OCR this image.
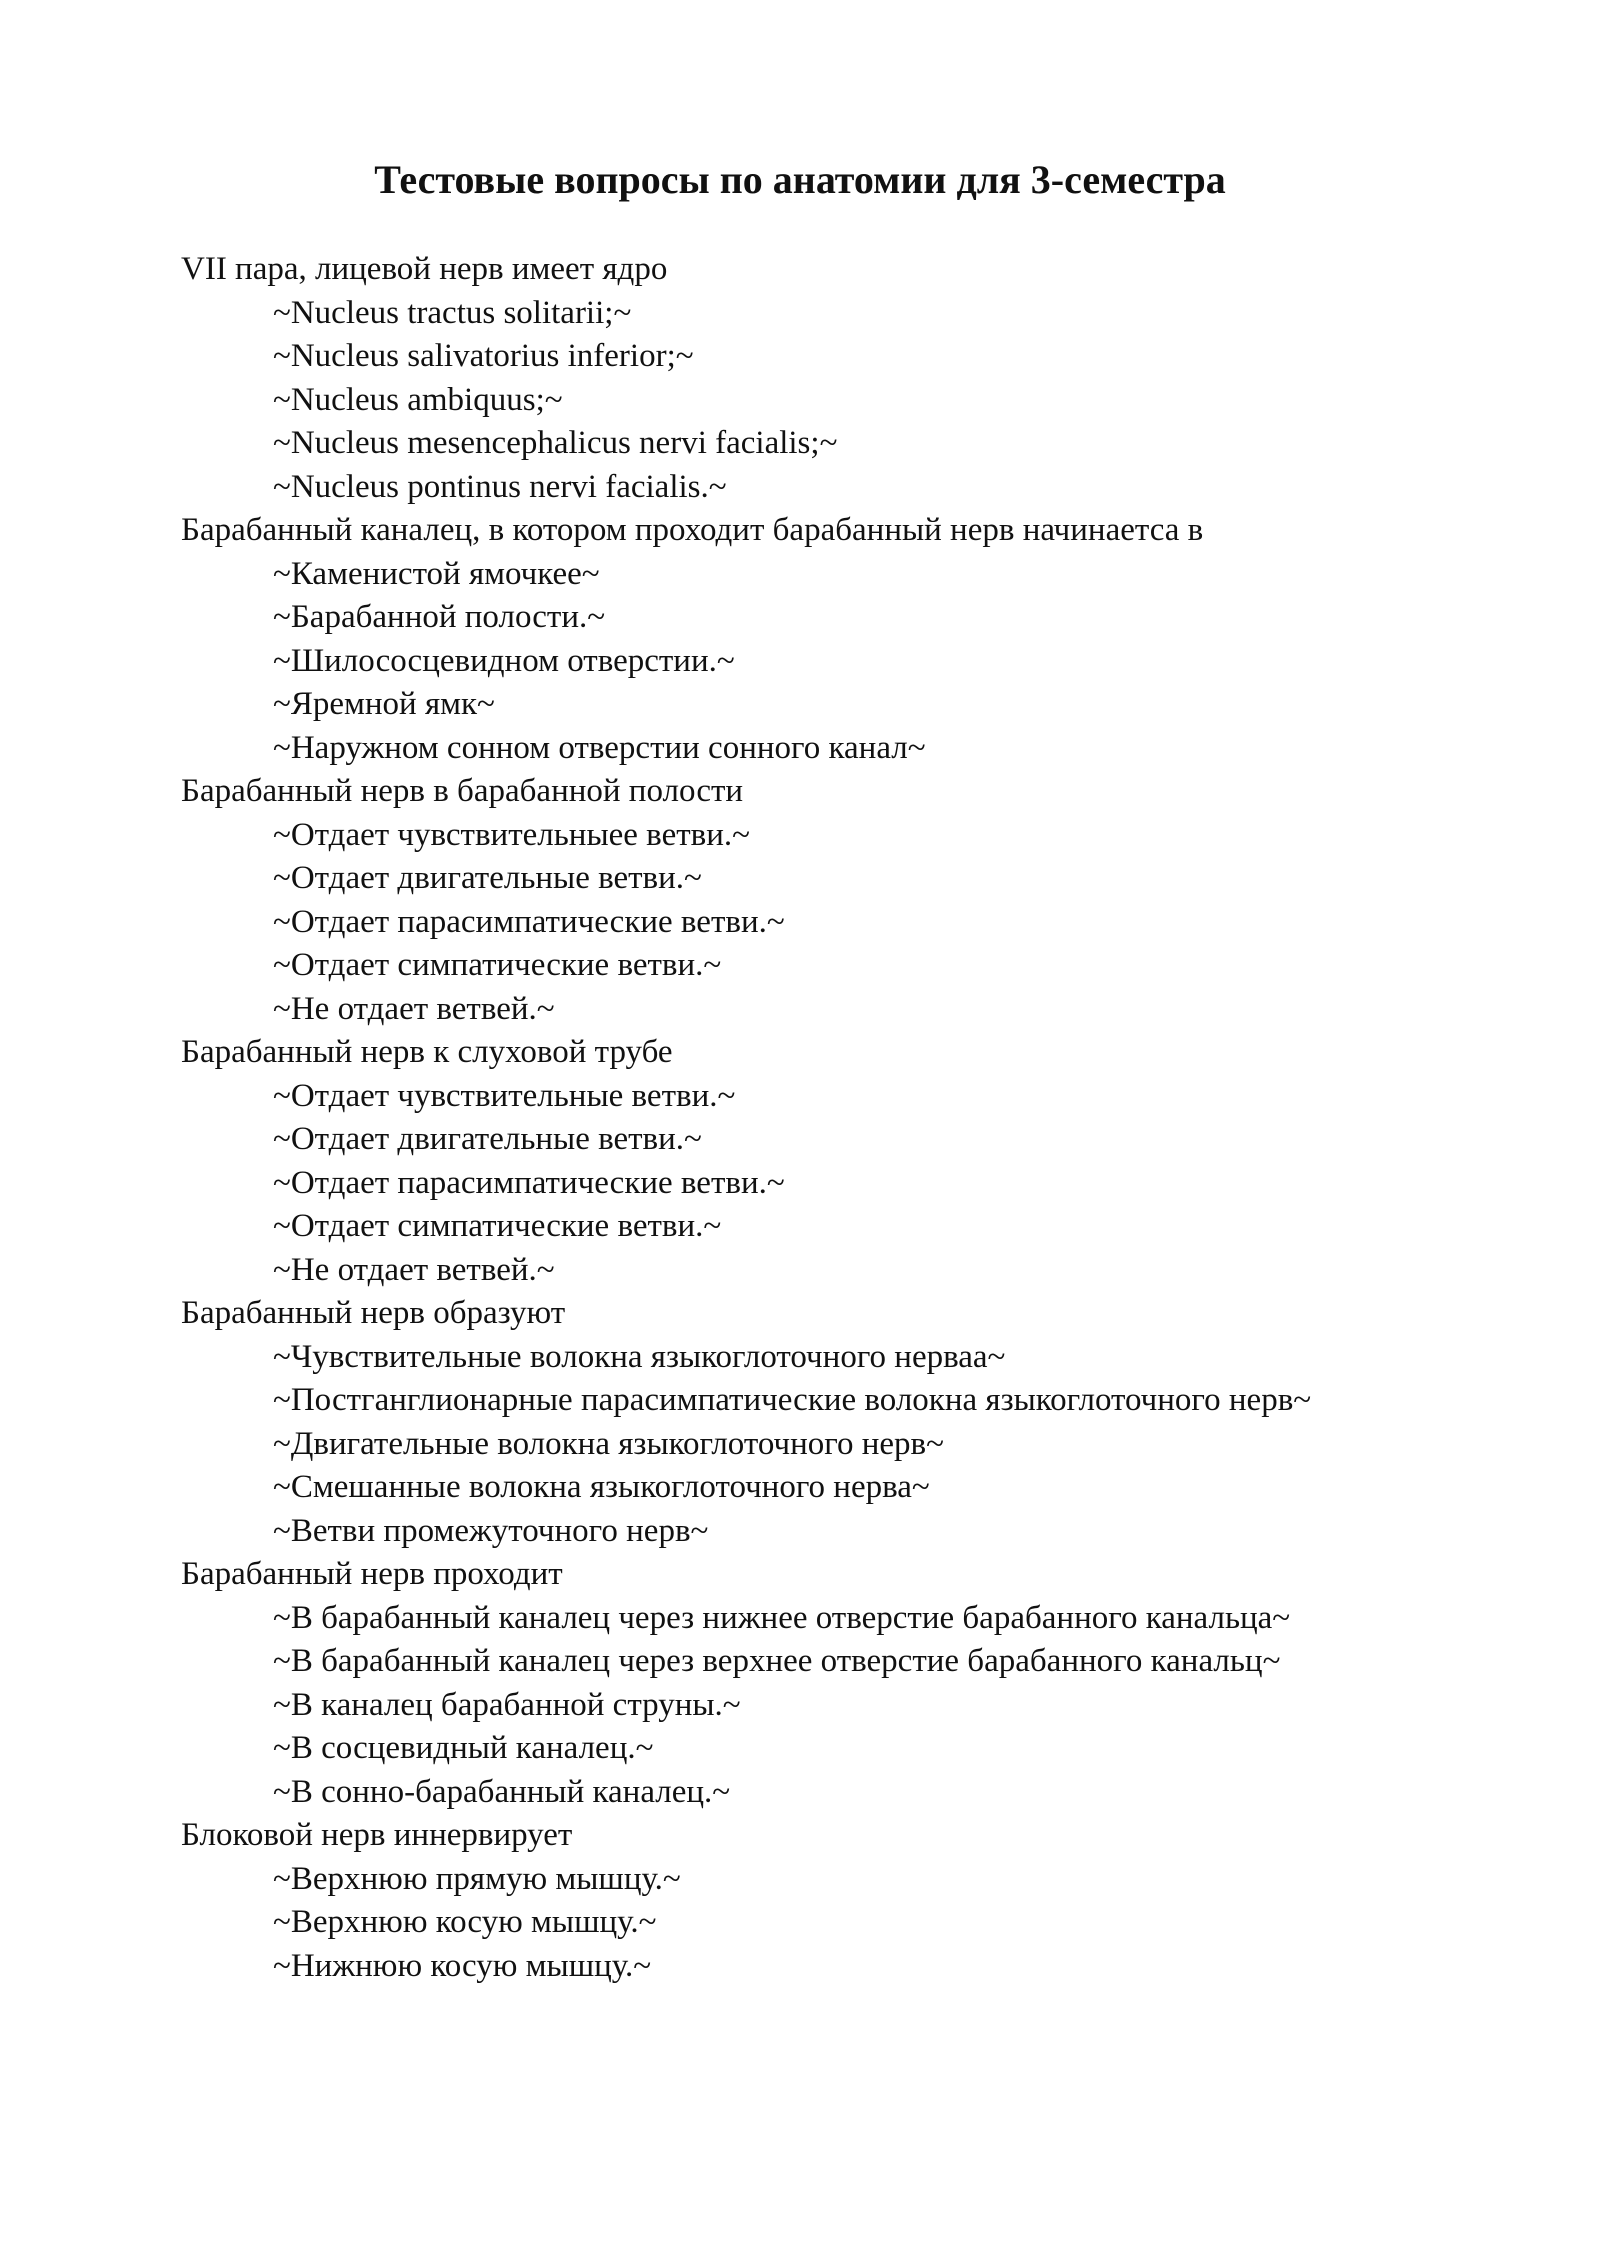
Тестовые вопросы по анатомии для 3-семестра

VII пара, лицевой нерв имеет ядро

~Nucleus tractus solitarii;~

~Nucleus salivatorius inferior;~

~Nucleus ambiquus;~

~Nucleus mesencephalicus nervi facialis;~

~Nucleus pontinus nervi facialis.~

Барабанный каналец, в котором проходит барабанный нерв начинаетса в

~Каменистой ямочкее~

~Барабанной полости.~

~Шилососцевидном отверстии.~

~Яремной ямк~

~Наружном сонном отверстии сонного канал~

Барабанный нерв в барабанной полости

~Отдает чувствительныее ветви.~

~Отдает двигательные ветви.~

~Отдает парасимпатические ветви.~

~Отдает симпатические ветви.~

~Не отдает ветвей.~

Барабанный нерв к слуховой трубе

~Отдает чувствительные ветви.~

~Отдает двигательные ветви.~

~Отдает парасимпатические ветви.~

~Отдает симпатические ветви.~

~Не отдает ветвей.~

Барабанный нерв образуют

~Чувствительные волокна языкоглоточного нерваа~

~Постганглионарные парасимпатические волокна языкоглоточного нерв~

~Двигательные волокна языкоглоточного нерв~

~Смешанные волокна языкоглоточного нерва~

~Ветви промежуточного нерв~

Барабанный нерв проходит

~В барабанный каналец через нижнее отверстие барабанного канальца~

~В барабанный каналец через верхнее отверстие барабанного канальц~

~В каналец барабанной струны.~

~В сосцевидный каналец.~

~В сонно-барабанный каналец.~

Блоковой нерв иннервирует

~Верхнюю прямую мышцу.~

~Верхнюю косую мышцу.~

~Нижнюю косую мышцу.~
